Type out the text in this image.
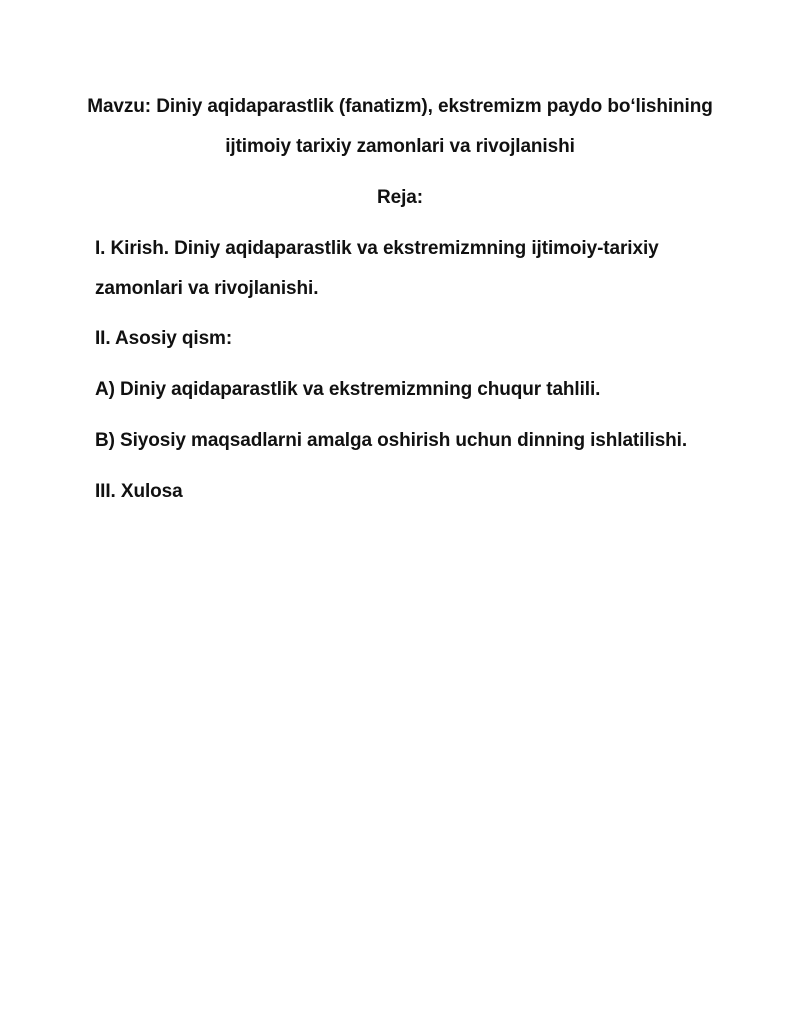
Mavzu: Diniy aqidaparastlik (fanatizm), ekstremizm paydo bo‘lishining
ijtimoiy tarixiy zamonlari va rivojlanishi
Reja:
I. Kirish. Diniy aqidaparastlik va ekstremizmning ijtimoiy-tarixiy
zamonlari va rivojlanishi.
II. Asosiy qism:
A) Diniy aqidaparastlik va ekstremizmning chuqur tahlili.
B) Siyosiy maqsadlarni amalga oshirish uchun dinning ishlatilishi.
III. Xulosa
